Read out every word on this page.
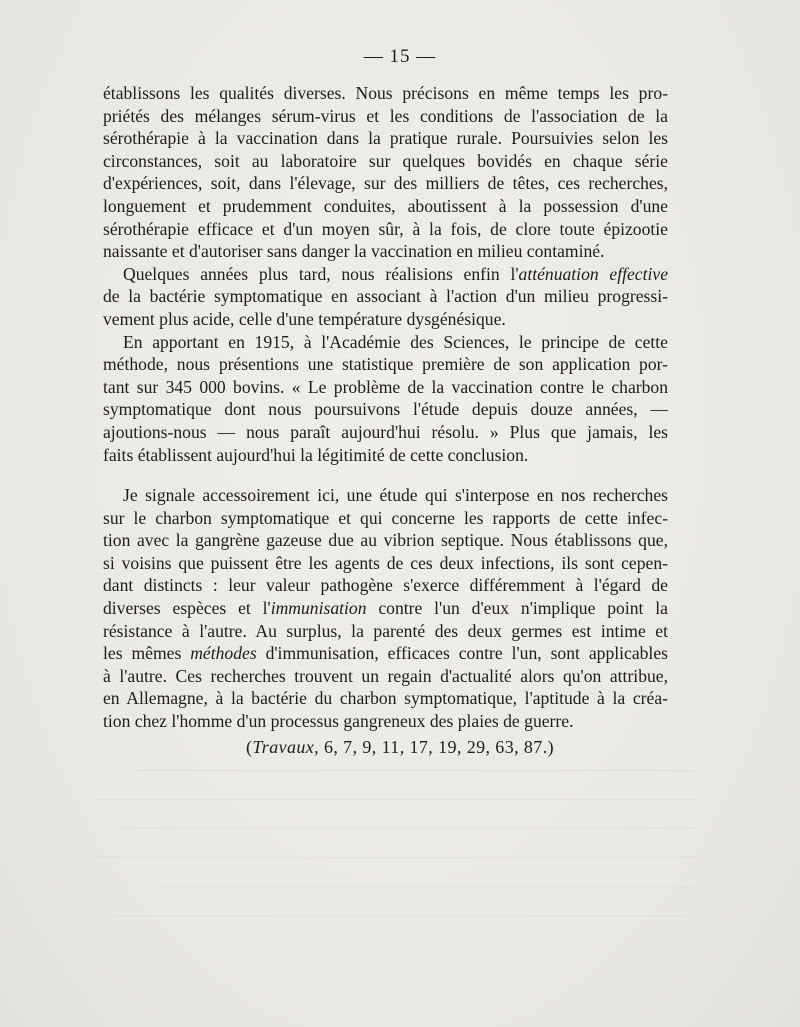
— 15 —
établissons les qualités diverses. Nous précisons en même temps les pro-
priétés des mélanges sérum-virus et les conditions de l'association de la
sérothérapie à la vaccination dans la pratique rurale. Poursuivies selon les
circonstances, soit au laboratoire sur quelques bovidés en chaque série
d'expériences, soit, dans l'élevage, sur des milliers de têtes, ces recherches,
longuement et prudemment conduites, aboutissent à la possession d'une
sérothérapie efficace et d'un moyen sûr, à la fois, de clore toute épizootie
naissante et d'autoriser sans danger la vaccination en milieu contaminé.
Quelques années plus tard, nous réalisions enfin l'atténuation effective
de la bactérie symptomatique en associant à l'action d'un milieu progressi-
vement plus acide, celle d'une température dysgénésique.
En apportant en 1915, à l'Académie des Sciences, le principe de cette
méthode, nous présentions une statistique première de son application por-
tant sur 345 000 bovins. « Le problème de la vaccination contre le charbon
symptomatique dont nous poursuivons l'étude depuis douze années, —
ajoutions-nous — nous paraît aujourd'hui résolu. » Plus que jamais, les
faits établissent aujourd'hui la légitimité de cette conclusion.
Je signale accessoirement ici, une étude qui s'interpose en nos recherches
sur le charbon symptomatique et qui concerne les rapports de cette infec-
tion avec la gangrène gazeuse due au vibrion septique. Nous établissons que,
si voisins que puissent être les agents de ces deux infections, ils sont cepen-
dant distincts : leur valeur pathogène s'exerce différemment à l'égard de
diverses espèces et l'immunisation contre l'un d'eux n'implique point la
résistance à l'autre. Au surplus, la parenté des deux germes est intime et
les mêmes méthodes d'immunisation, efficaces contre l'un, sont applicables
à l'autre. Ces recherches trouvent un regain d'actualité alors qu'on attribue,
en Allemagne, à la bactérie du charbon symptomatique, l'aptitude à la créa-
tion chez l'homme d'un processus gangreneux des plaies de guerre.
(Travaux, 6, 7, 9, 11, 17, 19, 29, 63, 87.)
